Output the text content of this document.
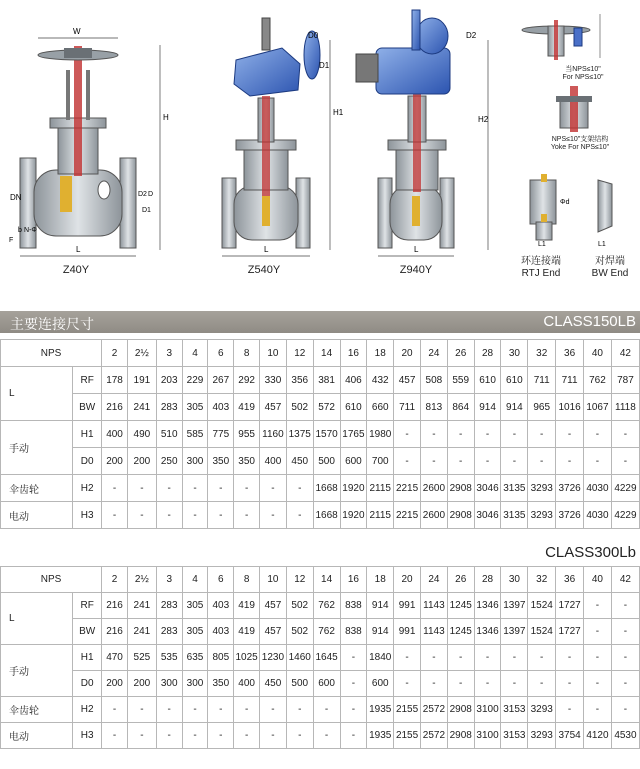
W
H
D0
D1
H1
H2
D2
DN	D2 D
D1
F
b N-Φ
L	L	L
Φd
L1	L1
Z40Y	Z540Y	Z940Y
当NPS≤10"
For NPS≤10"
NPS≤10"支架结构
Yoke For NPS≤10"
环连接端
RTJ End
对焊端
BW End
主要连接尺寸	CLASS150LB
NPS		2	2½	3	4	6	8	10	12	14	16	18	20	24	26	28	30	32	36	40	42
L	RF	178	191	203	229	267	292	330	356	381	406	432	457	508	559	610	610	711	711	762	787
	BW	216	241	283	305	403	419	457	502	572	610	660	711	813	864	914	914	965	1016	1067	1118
手动	H1	400	490	510	585	775	955	1160	1375	1570	1765	1980	-	-	-	-	-	-	-	-	-
	D0	200	200	250	300	350	350	400	450	500	600	700	-	-	-	-	-	-	-	-	-
伞齿轮	H2	-	-	-	-	-	-	-	-	1668	1920	2115	2215	2600	2908	3046	3135	3293	3726	4030	4229
电动	H3	-	-	-	-	-	-	-	-	1668	1920	2115	2215	2600	2908	3046	3135	3293	3726	4030	4229
CLASS300Lb
NPS		2	2½	3	4	6	8	10	12	14	16	18	20	24	26	28	30	32	36	40	42
L	RF	216	241	283	305	403	419	457	502	762	838	914	991	1143	1245	1346	1397	1524	1727	-	-
	BW	216	241	283	305	403	419	457	502	762	838	914	991	1143	1245	1346	1397	1524	1727	-	-
手动	H1	470	525	535	635	805	1025	1230	1460	1645	-	1840	-	-	-	-	-	-	-	-	-
	D0	200	200	300	300	350	400	450	500	600	-	600	-	-	-	-	-	-	-	-	-
伞齿轮	H2	-	-	-	-	-	-	-	-	-	-	1935	2155	2572	2908	3100	3153	3293	-	-	-
电动	H3	-	-	-	-	-	-	-	-	-	-	1935	2155	2572	2908	3100	3153	3293	3754	4120	4530
